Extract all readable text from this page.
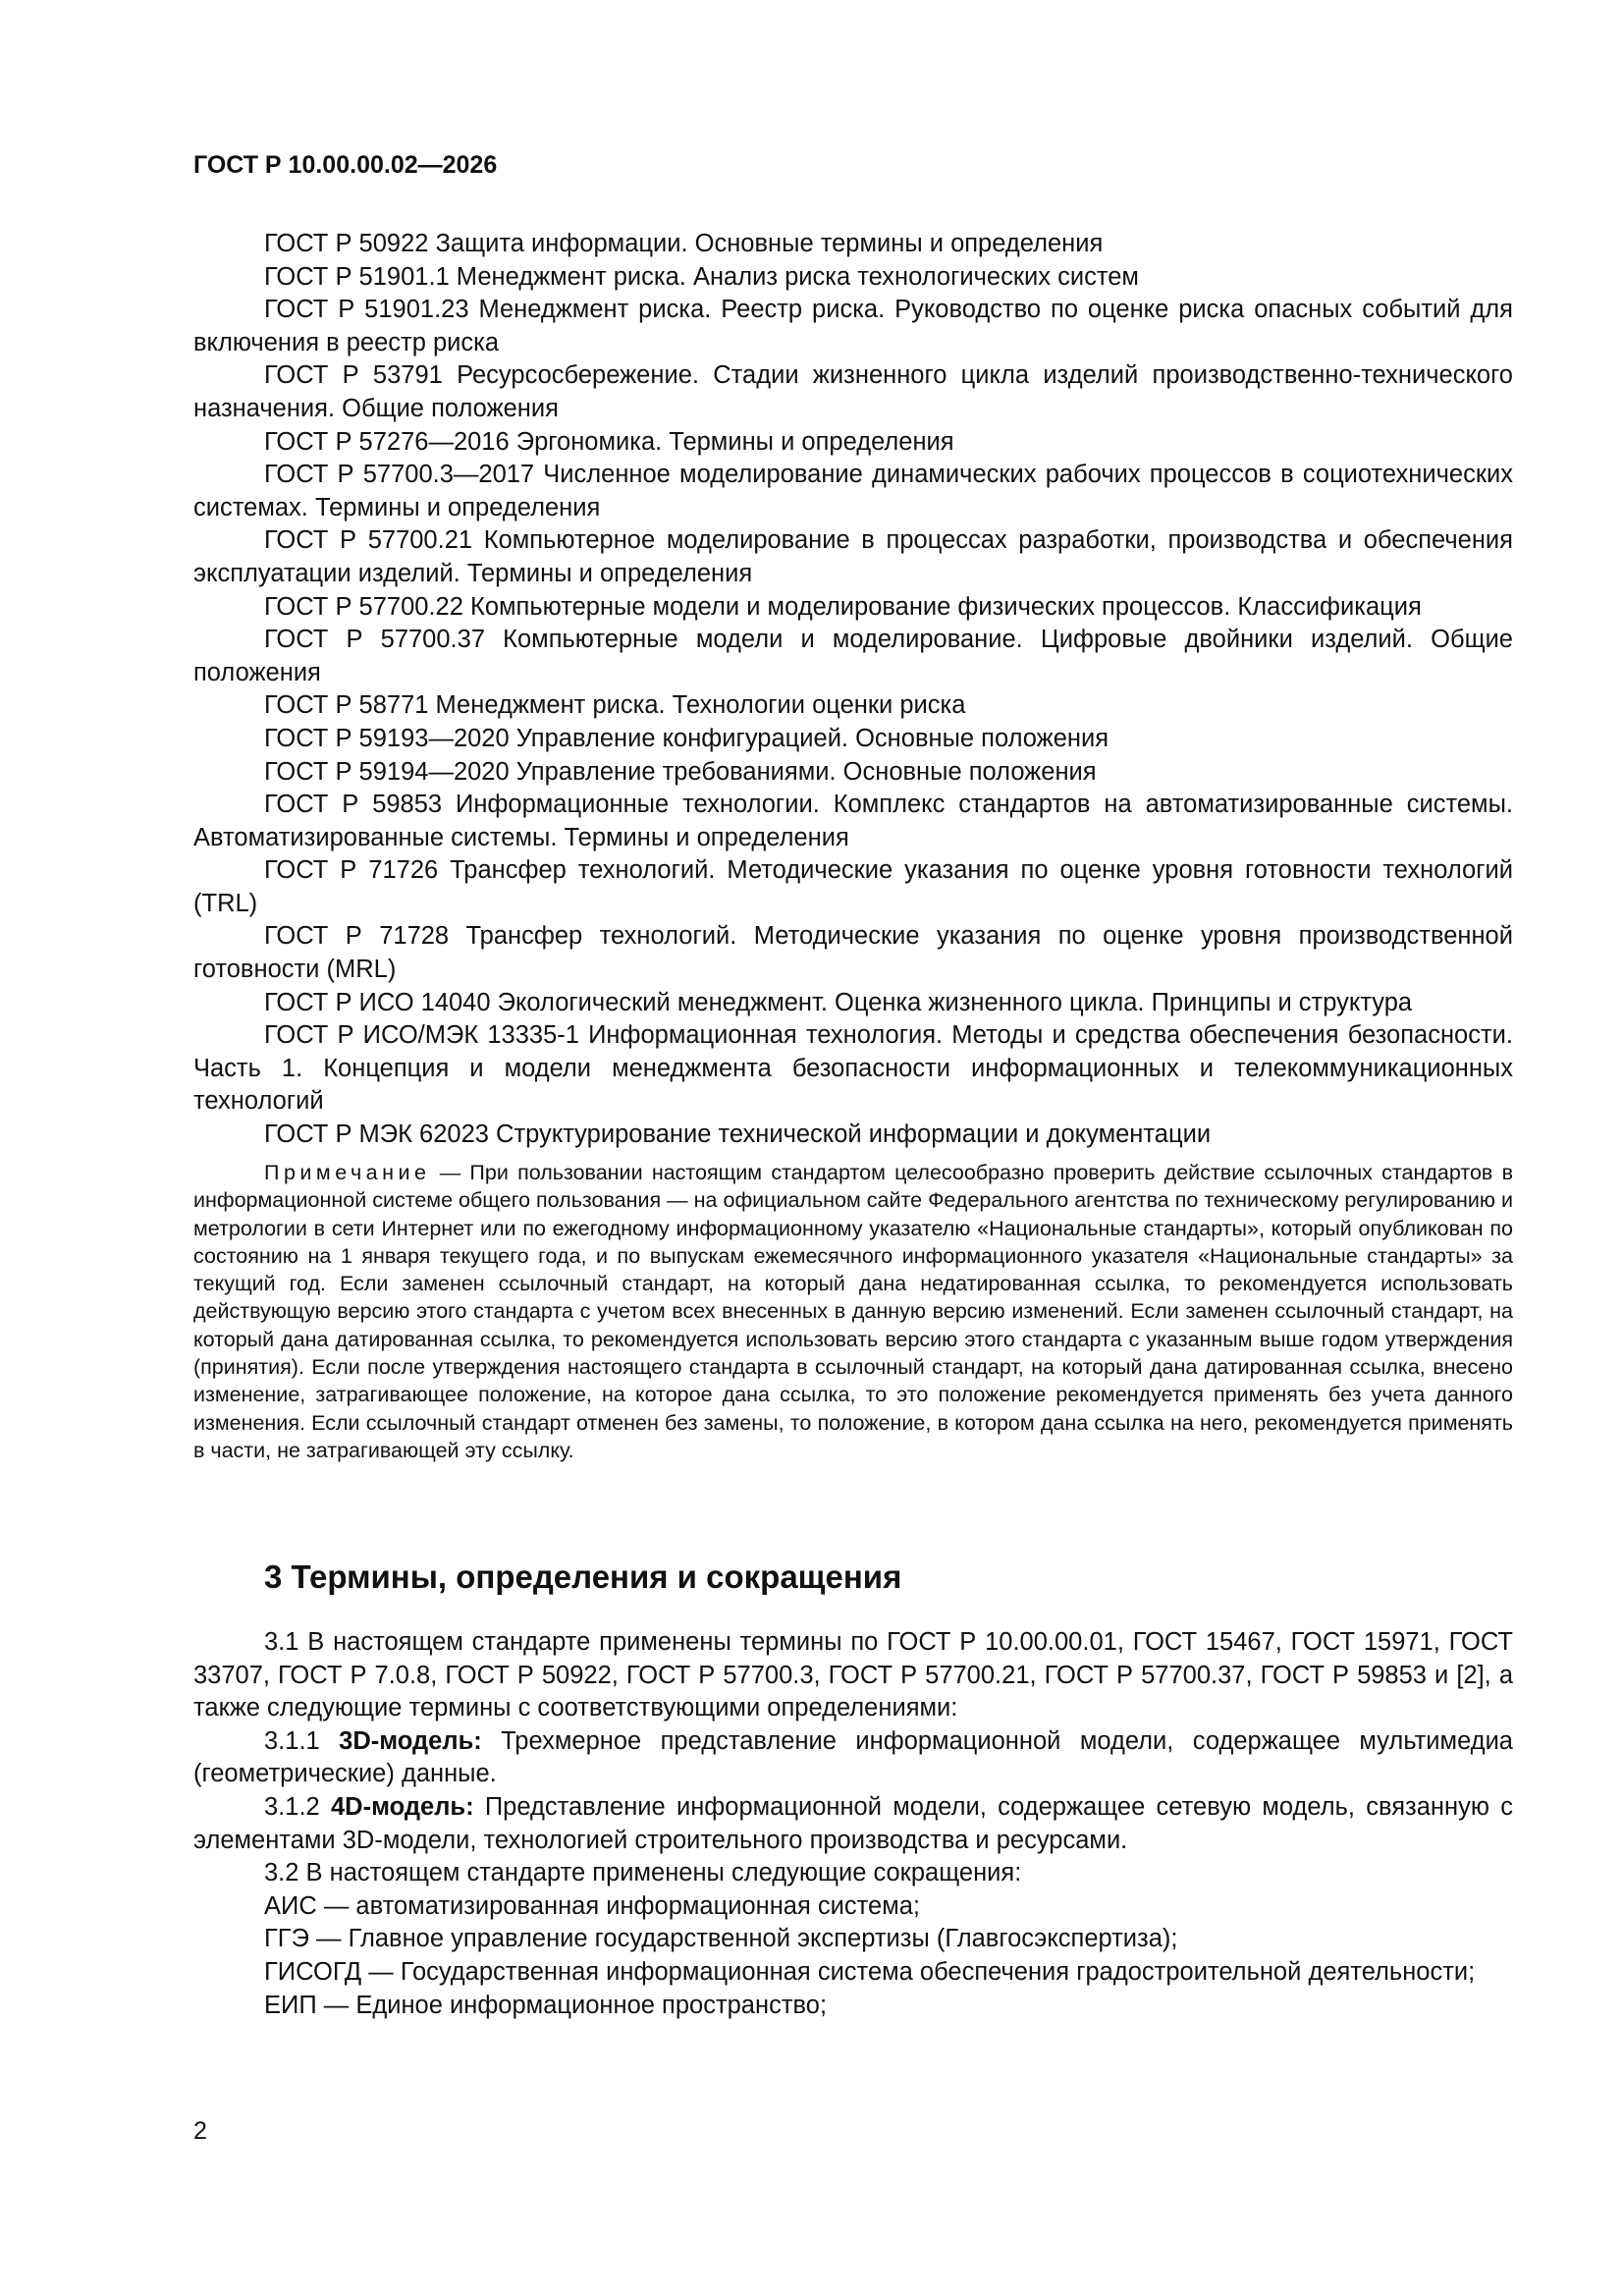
ГОСТ Р 10.00.00.02—2026

ГОСТ Р 50922 Защита информации. Основные термины и определения

ГОСТ Р 51901.1 Менеджмент риска. Анализ риска технологических систем

ГОСТ Р 51901.23 Менеджмент риска. Реестр риска. Руководство по оценке риска опасных событий для включения в реестр риска

ГОСТ Р 53791 Ресурсосбережение. Стадии жизненного цикла изделий производственно-технического назначения. Общие положения

ГОСТ Р 57276—2016 Эргономика. Термины и определения

ГОСТ Р 57700.3—2017 Численное моделирование динамических рабочих процессов в социотехнических системах. Термины и определения

ГОСТ Р 57700.21 Компьютерное моделирование в процессах разработки, производства и обеспечения эксплуатации изделий. Термины и определения

ГОСТ Р 57700.22 Компьютерные модели и моделирование физических процессов. Классификация

ГОСТ Р 57700.37 Компьютерные модели и моделирование. Цифровые двойники изделий. Общие положения

ГОСТ Р 58771 Менеджмент риска. Технологии оценки риска

ГОСТ Р 59193—2020 Управление конфигурацией. Основные положения

ГОСТ Р 59194—2020 Управление требованиями. Основные положения

ГОСТ Р 59853 Информационные технологии. Комплекс стандартов на автоматизированные системы. Автоматизированные системы. Термины и определения

ГОСТ Р 71726 Трансфер технологий. Методические указания по оценке уровня готовности технологий (TRL)

ГОСТ Р 71728 Трансфер технологий. Методические указания по оценке уровня производственной готовности (MRL)

ГОСТ Р ИСО 14040 Экологический менеджмент. Оценка жизненного цикла. Принципы и структура

ГОСТ Р ИСО/МЭК 13335-1 Информационная технология. Методы и средства обеспечения безопасности. Часть 1. Концепция и модели менеджмента безопасности информационных и телекоммуникационных технологий

ГОСТ Р МЭК 62023 Структурирование технической информации и документации

Примечание — При пользовании настоящим стандартом целесообразно проверить действие ссылочных стандартов в информационной системе общего пользования — на официальном сайте Федерального агентства по техническому регулированию и метрологии в сети Интернет или по ежегодному информационному указателю «Национальные стандарты», который опубликован по состоянию на 1 января текущего года, и по выпускам ежемесячного информационного указателя «Национальные стандарты» за текущий год. Если заменен ссылочный стандарт, на который дана недатированная ссылка, то рекомендуется использовать действующую версию этого стандарта с учетом всех внесенных в данную версию изменений. Если заменен ссылочный стандарт, на который дана датированная ссылка, то рекомендуется использовать версию этого стандарта с указанным выше годом утверждения (принятия). Если после утверждения настоящего стандарта в ссылочный стандарт, на который дана датированная ссылка, внесено изменение, затрагивающее положение, на которое дана ссылка, то это положение рекомендуется применять без учета данного изменения. Если ссылочный стандарт отменен без замены, то положение, в котором дана ссылка на него, рекомендуется применять в части, не затрагивающей эту ссылку.

3 Термины, определения и сокращения

3.1 В настоящем стандарте применены термины по ГОСТ Р 10.00.00.01, ГОСТ 15467, ГОСТ 15971, ГОСТ 33707, ГОСТ Р 7.0.8, ГОСТ Р 50922, ГОСТ Р 57700.3, ГОСТ Р 57700.21, ГОСТ Р 57700.37, ГОСТ Р 59853 и [2], а также следующие термины с соответствующими определениями:

3.1.1 3D-модель: Трехмерное представление информационной модели, содержащее мультимедиа (геометрические) данные.

3.1.2 4D-модель: Представление информационной модели, содержащее сетевую модель, связанную с элементами 3D-модели, технологией строительного производства и ресурсами.

3.2 В настоящем стандарте применены следующие сокращения:

АИС — автоматизированная информационная система;

ГГЭ — Главное управление государственной экспертизы (Главгосэкспертиза);

ГИСОГД — Государственная информационная система обеспечения градостроительной деятельности;

ЕИП — Единое информационное пространство;

2
